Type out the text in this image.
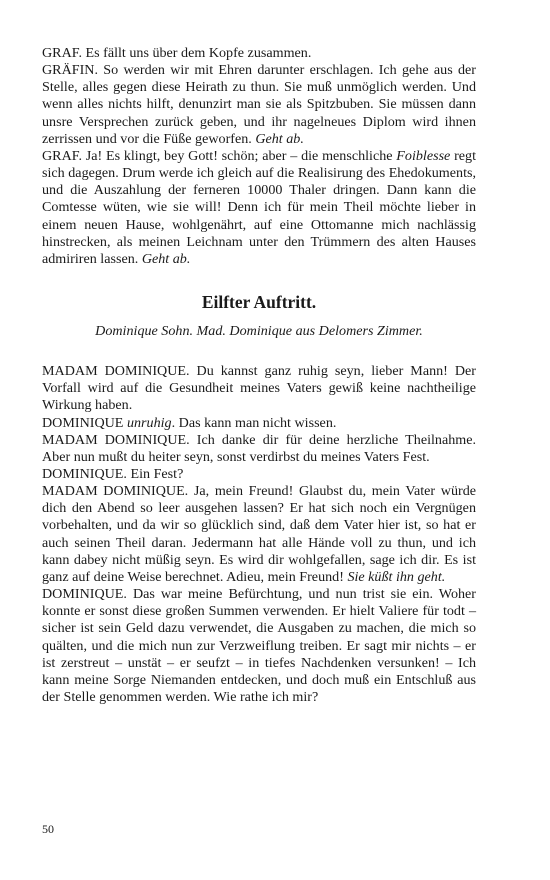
GRAF. Es fällt uns über dem Kopfe zusammen.

GRÄFIN. So werden wir mit Ehren darunter erschlagen. Ich gehe aus der Stelle, alles gegen diese Heirath zu thun. Sie muß unmöglich werden. Und wenn alles nichts hilft, denunzirt man sie als Spitzbuben. Sie müssen dann unsre Versprechen zurück geben, und ihr nagelneues Diplom wird ihnen zerrissen und vor die Füße geworfen. Geht ab.

GRAF. Ja! Es klingt, bey Gott! schön; aber – die menschliche Foiblesse regt sich dagegen. Drum werde ich gleich auf die Realisirung des Ehedokuments, und die Auszahlung der ferneren 10000 Thaler dringen. Dann kann die Comtesse wüten, wie sie will! Denn ich für mein Theil möchte lieber in einem neuen Hause, wohlgenährt, auf eine Ottomanne mich nachlässig hinstrecken, als meinen Leichnam unter den Trümmern des alten Hauses admiriren lassen. Geht ab.

Eilfter Auftritt.
Dominique Sohn. Mad. Dominique aus Delomers Zimmer.

MADAM DOMINIQUE. Du kannst ganz ruhig seyn, lieber Mann! Der Vorfall wird auf die Gesundheit meines Vaters gewiß keine nachtheilige Wirkung haben.

DOMINIQUE unruhig. Das kann man nicht wissen.

MADAM DOMINIQUE. Ich danke dir für deine herzliche Theilnahme. Aber nun mußt du heiter seyn, sonst verdirbst du meines Vaters Fest.

DOMINIQUE. Ein Fest?

MADAM DOMINIQUE. Ja, mein Freund! Glaubst du, mein Vater würde dich den Abend so leer ausgehen lassen? Er hat sich noch ein Vergnügen vorbehalten, und da wir so glücklich sind, daß dem Vater hier ist, so hat er auch seinen Theil daran. Jedermann hat alle Hände voll zu thun, und ich kann dabey nicht müßig seyn. Es wird dir wohlgefallen, sage ich dir. Es ist ganz auf deine Weise berechnet. Adieu, mein Freund! Sie küßt ihn geht.

DOMINIQUE. Das war meine Befürchtung, und nun trist sie ein. Woher konnte er sonst diese großen Summen verwenden. Er hielt Valiere für todt – sicher ist sein Geld dazu verwendet, die Ausgaben zu machen, die mich so quälten, und die mich nun zur Verzweiflung treiben. Er sagt mir nichts – er ist zerstreut – unstät – er seufzt – in tiefes Nachdenken versunken! – Ich kann meine Sorge Niemanden entdecken, und doch muß ein Entschluß aus der Stelle genommen werden. Wie rathe ich mir?

50
